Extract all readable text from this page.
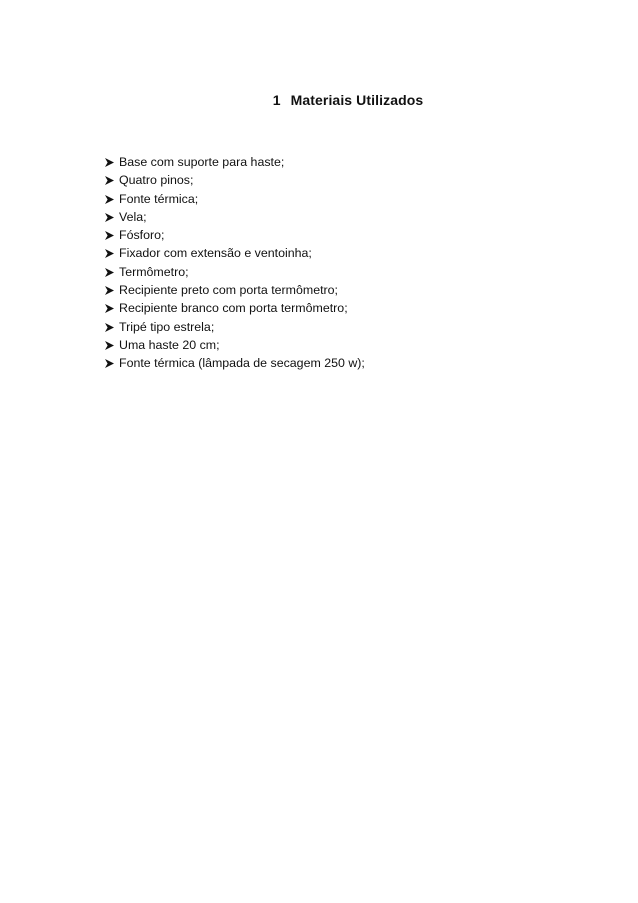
1 Materiais Utilizados
Base com suporte para haste;
Quatro pinos;
Fonte térmica;
Vela;
Fósforo;
Fixador com extensão e ventoinha;
Termômetro;
Recipiente preto com porta termômetro;
Recipiente branco com porta termômetro;
Tripé tipo estrela;
Uma haste 20 cm;
Fonte térmica (lâmpada de secagem 250 w);
